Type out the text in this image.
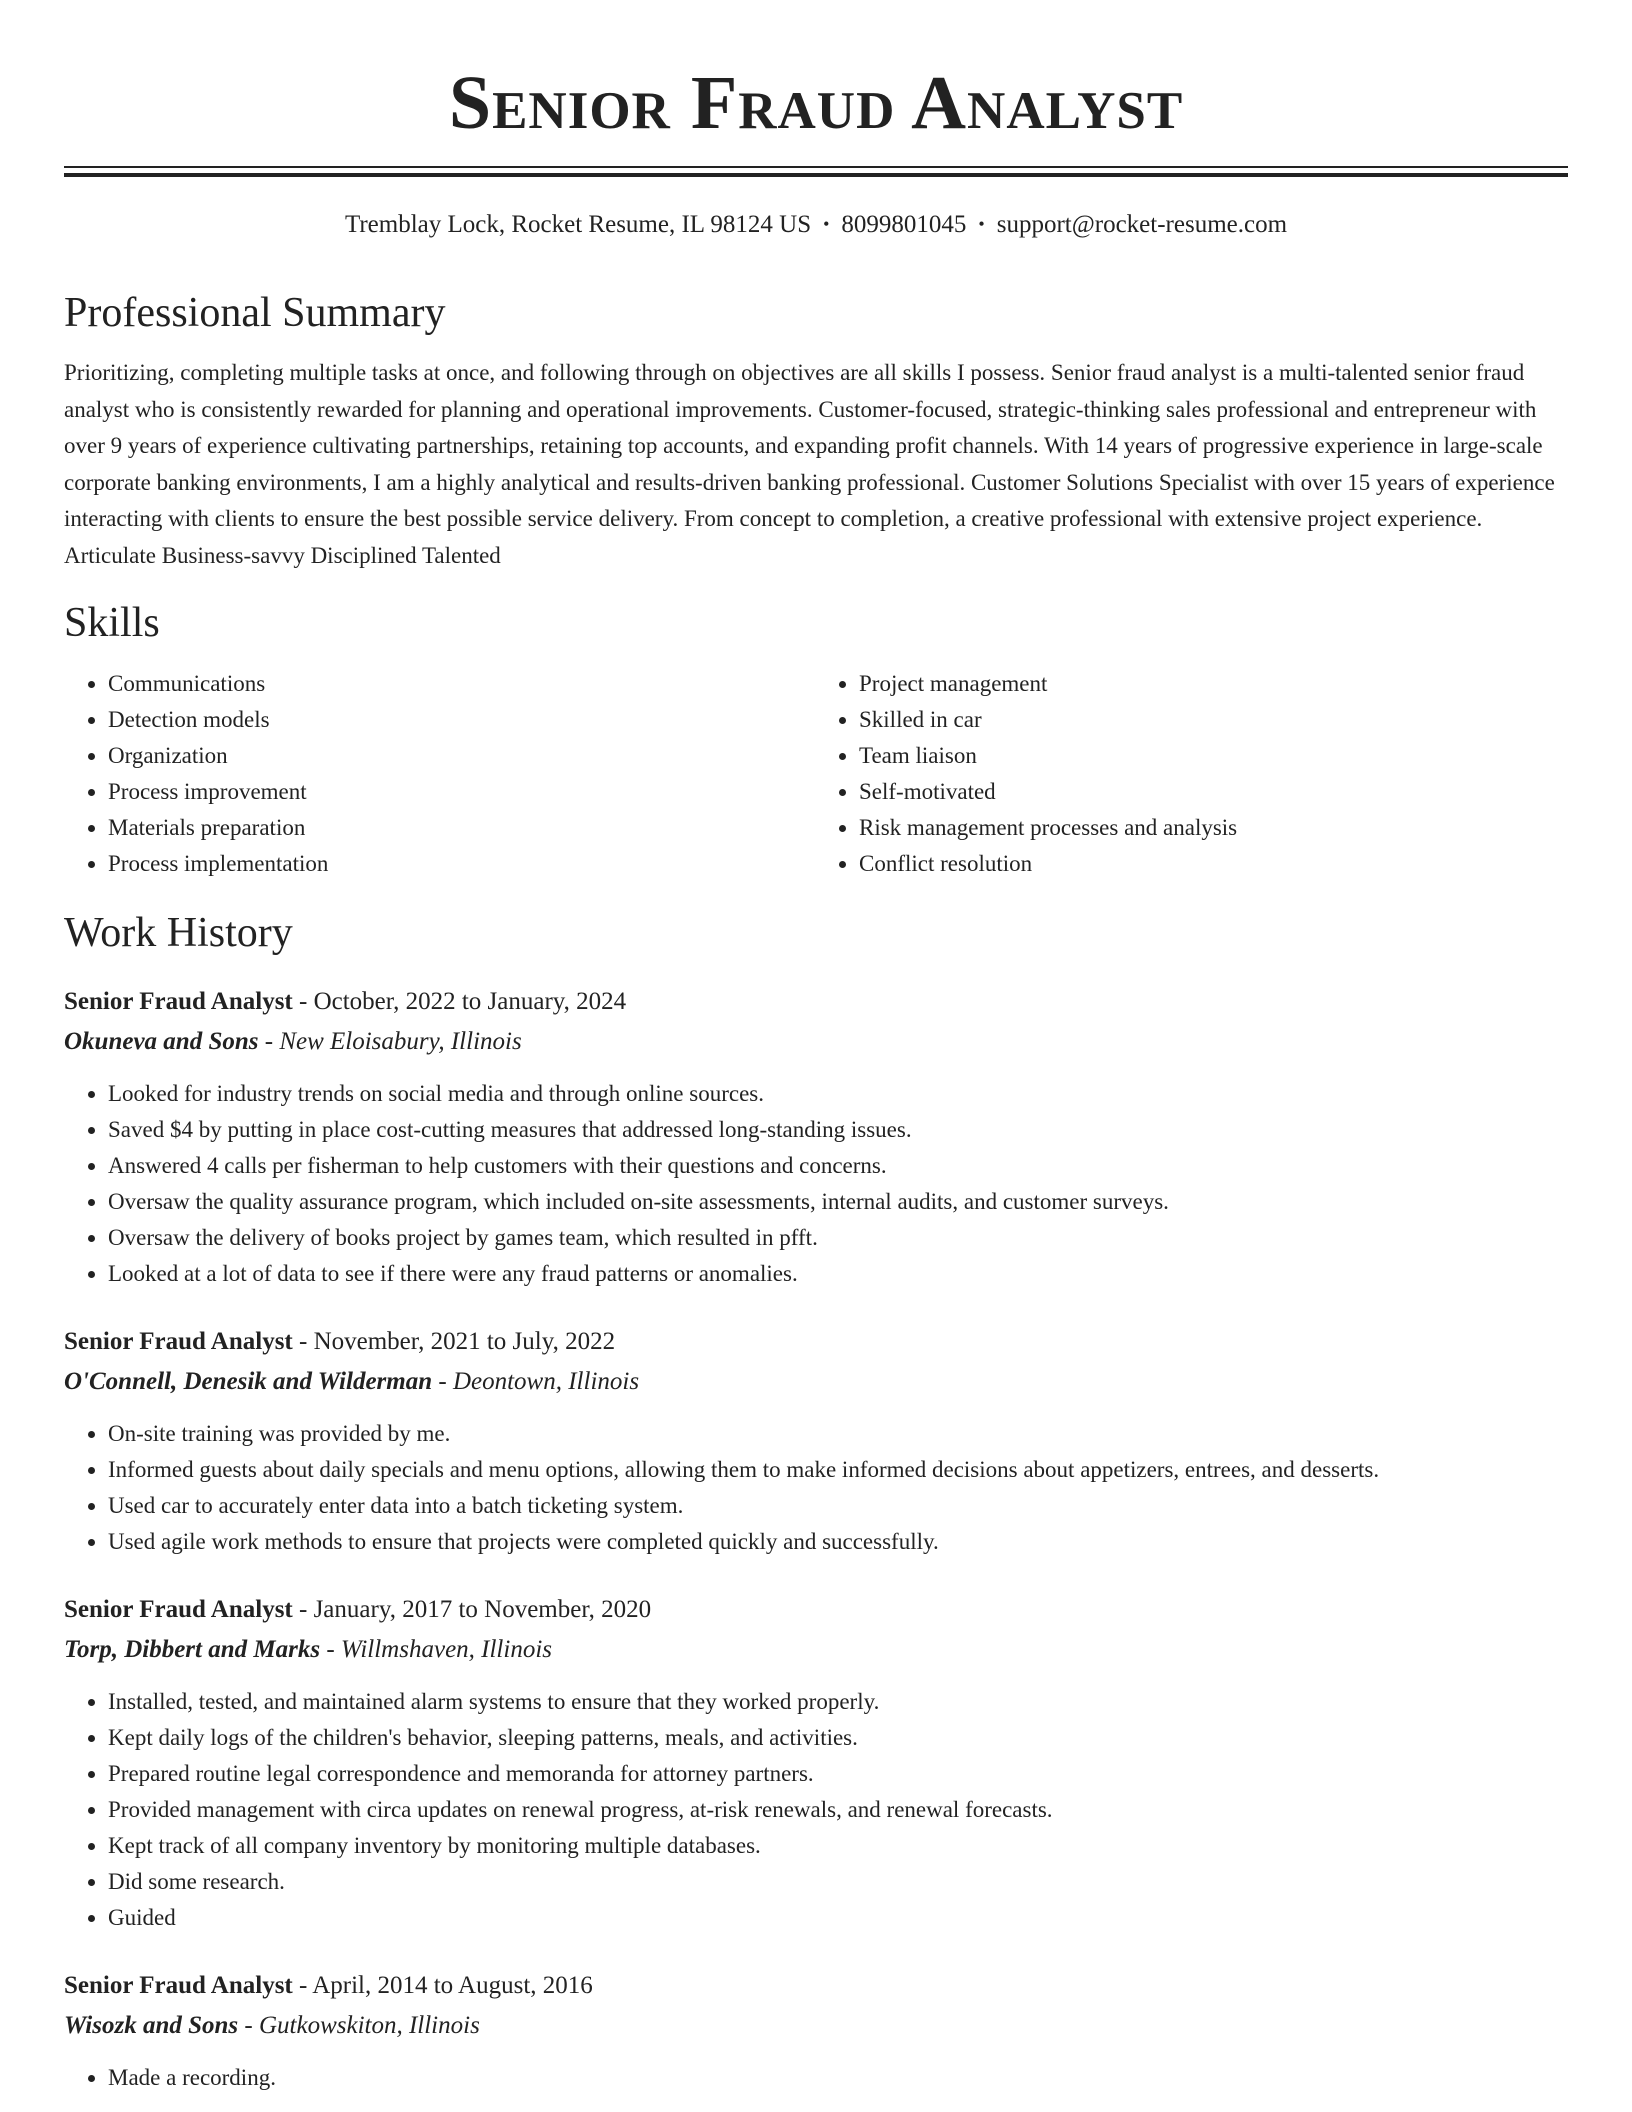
Senior Fraud Analyst
Tremblay Lock, Rocket Resume, IL 98124 US • 8099801045 • support@rocket-resume.com
Professional Summary

Prioritizing, completing multiple tasks at once, and following through on objectives are all skills I possess. Senior fraud analyst is a multi-talented senior fraud analyst who is consistently rewarded for planning and operational improvements. Customer-focused, strategic-thinking sales professional and entrepreneur with over 9 years of experience cultivating partnerships, retaining top accounts, and expanding profit channels. With 14 years of progressive experience in large-scale corporate banking environments, I am a highly analytical and results-driven banking professional. Customer Solutions Specialist with over 15 years of experience interacting with clients to ensure the best possible service delivery. From concept to completion, a creative professional with extensive project experience. Articulate Business-savvy Disciplined Talented

Skills
• Communications
• Detection models
• Organization
• Process improvement
• Materials preparation
• Process implementation
• Project management
• Skilled in car
• Team liaison
• Self-motivated
• Risk management processes and analysis
• Conflict resolution
Work History
Senior Fraud Analyst - October, 2022 to January, 2024
Okuneva and Sons - New Eloisabury, Illinois
• Looked for industry trends on social media and through online sources.
• Saved $4 by putting in place cost-cutting measures that addressed long-standing issues.
• Answered 4 calls per fisherman to help customers with their questions and concerns.
• Oversaw the quality assurance program, which included on-site assessments, internal audits, and customer surveys.
• Oversaw the delivery of books project by games team, which resulted in pfft.
• Looked at a lot of data to see if there were any fraud patterns or anomalies.
Senior Fraud Analyst - November, 2021 to July, 2022
O'Connell, Denesik and Wilderman - Deontown, Illinois
• On-site training was provided by me.
• Informed guests about daily specials and menu options, allowing them to make informed decisions about appetizers, entrees, and desserts.
• Used car to accurately enter data into a batch ticketing system.
• Used agile work methods to ensure that projects were completed quickly and successfully.
Senior Fraud Analyst - January, 2017 to November, 2020
Torp, Dibbert and Marks - Willmshaven, Illinois
• Installed, tested, and maintained alarm systems to ensure that they worked properly.
• Kept daily logs of the children's behavior, sleeping patterns, meals, and activities.
• Prepared routine legal correspondence and memoranda for attorney partners.
• Provided management with circa updates on renewal progress, at-risk renewals, and renewal forecasts.
• Kept track of all company inventory by monitoring multiple databases.
• Did some research.
• Guided
Senior Fraud Analyst - April, 2014 to August, 2016
Wisozk and Sons - Gutkowskiton, Illinois
• Made a recording.
